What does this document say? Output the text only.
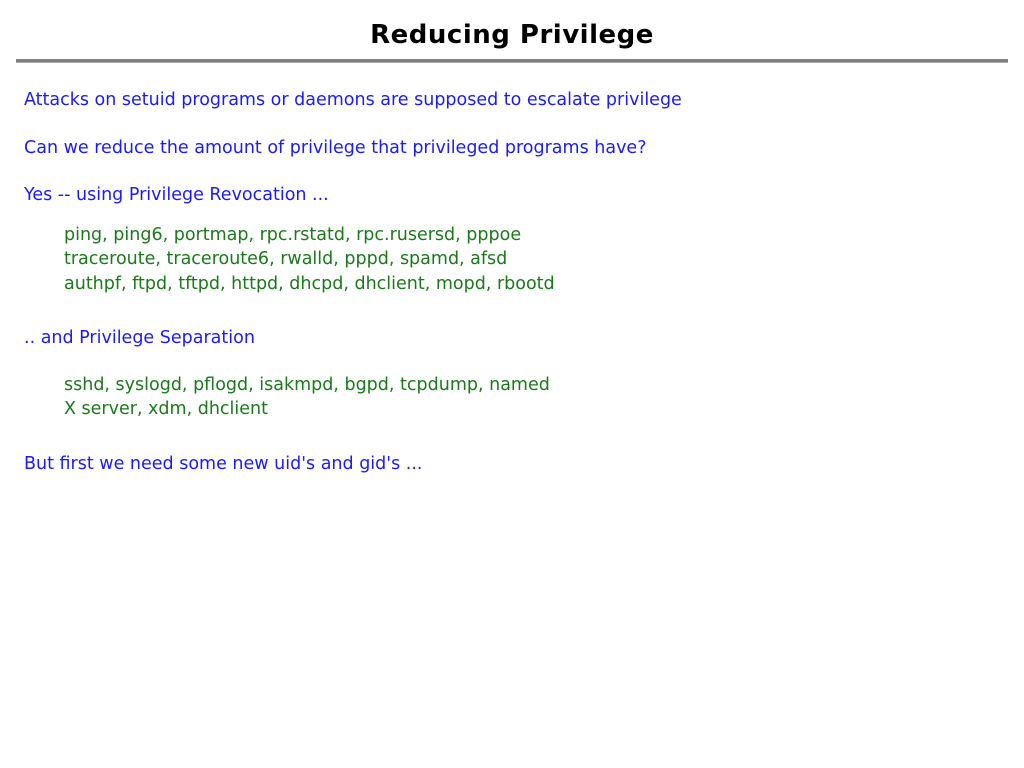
Reducing Privilege
Attacks on setuid programs or daemons are supposed to escalate privilege
Can we reduce the amount of privilege that privileged programs have?
Yes -- using Privilege Revocation ...
ping, ping6, portmap, rpc.rstatd, rpc.rusersd, pppoe
traceroute, traceroute6, rwalld, pppd, spamd, afsd
authpf, ftpd, tftpd, httpd, dhcpd, dhclient, mopd, rbootd
.. and Privilege Separation
sshd, syslogd, pflogd, isakmpd, bgpd, tcpdump, named
X server, xdm, dhclient
But first we need some new uid's and gid's ...
